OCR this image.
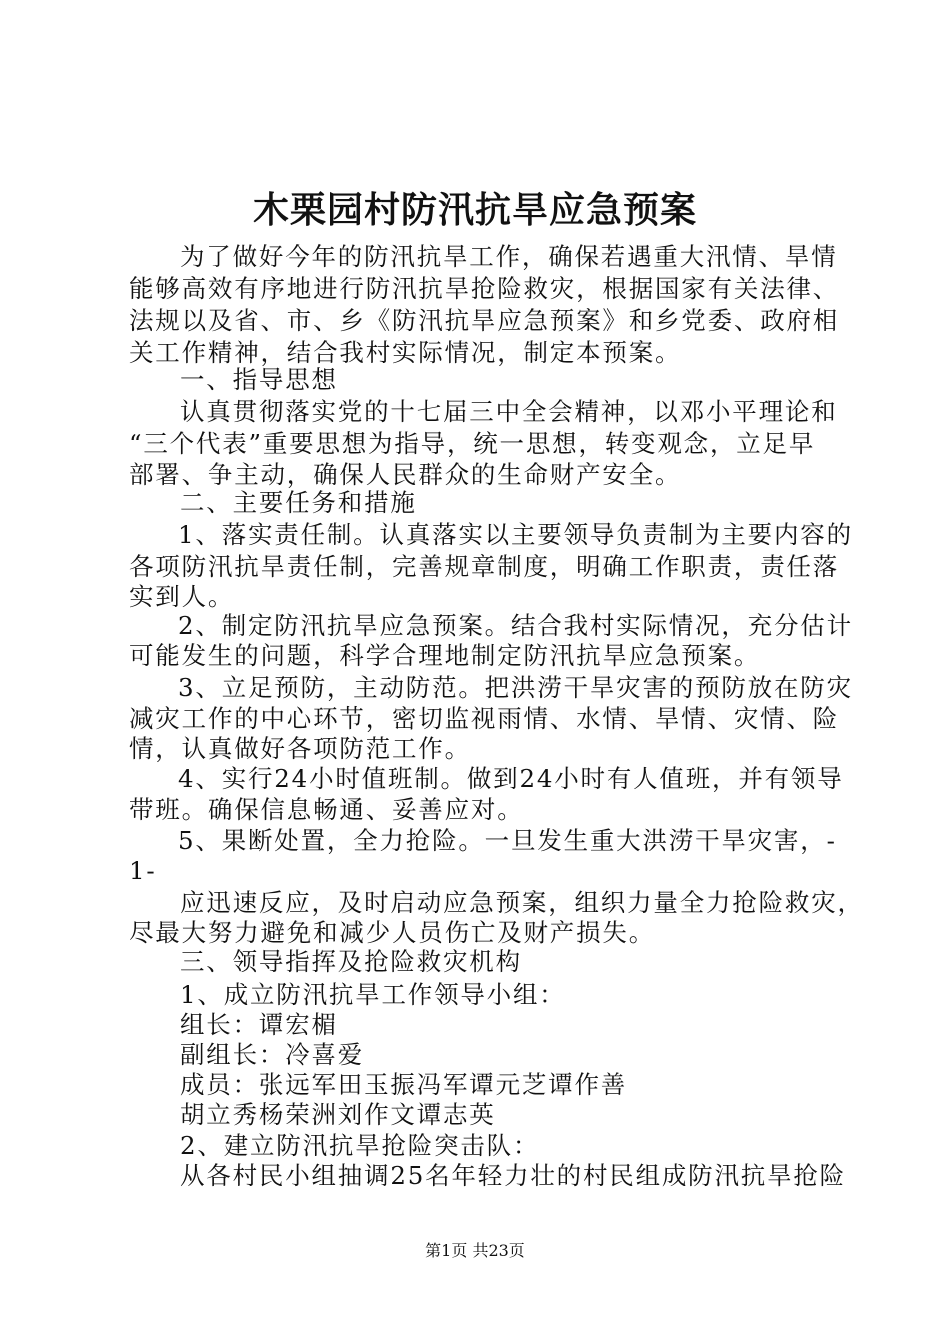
木栗园村防汛抗旱应急预案
为了做好今年的防汛抗旱工作，确保若遇重大汛情、旱情
能够高效有序地进行防汛抗旱抢险救灾，根据国家有关法律、
法规以及省、市、乡《防汛抗旱应急预案》和乡党委、政府相
关工作精神，结合我村实际情况，制定本预案。
一、指导思想
认真贯彻落实党的十七届三中全会精神，以邓小平理论和
“三个代表”重要思想为指导，统一思想，转变观念，立足早
部署、争主动，确保人民群众的生命财产安全。
二、主要任务和措施
1、落实责任制。认真落实以主要领导负责制为主要内容的
各项防汛抗旱责任制，完善规章制度，明确工作职责，责任落
实到人。
2、制定防汛抗旱应急预案。结合我村实际情况，充分估计
可能发生的问题，科学合理地制定防汛抗旱应急预案。
3、立足预防，主动防范。把洪涝干旱灾害的预防放在防灾
减灾工作的中心环节，密切监视雨情、水情、旱情、灾情、险
情，认真做好各项防范工作。
4、实行24小时值班制。做到24小时有人值班，并有领导
带班。确保信息畅通、妥善应对。
5、果断处置，全力抢险。一旦发生重大洪涝干旱灾害，-
1-
应迅速反应，及时启动应急预案，组织力量全力抢险救灾，
尽最大努力避免和减少人员伤亡及财产损失。
三、领导指挥及抢险救灾机构
1、成立防汛抗旱工作领导小组：
组长：谭宏楣
副组长：冷喜爱
成员：张远军田玉振冯军谭元芝谭作善
胡立秀杨荣洲刘作文谭志英
2、建立防汛抗旱抢险突击队：
从各村民小组抽调25名年轻力壮的村民组成防汛抗旱抢险
第1页 共23页
